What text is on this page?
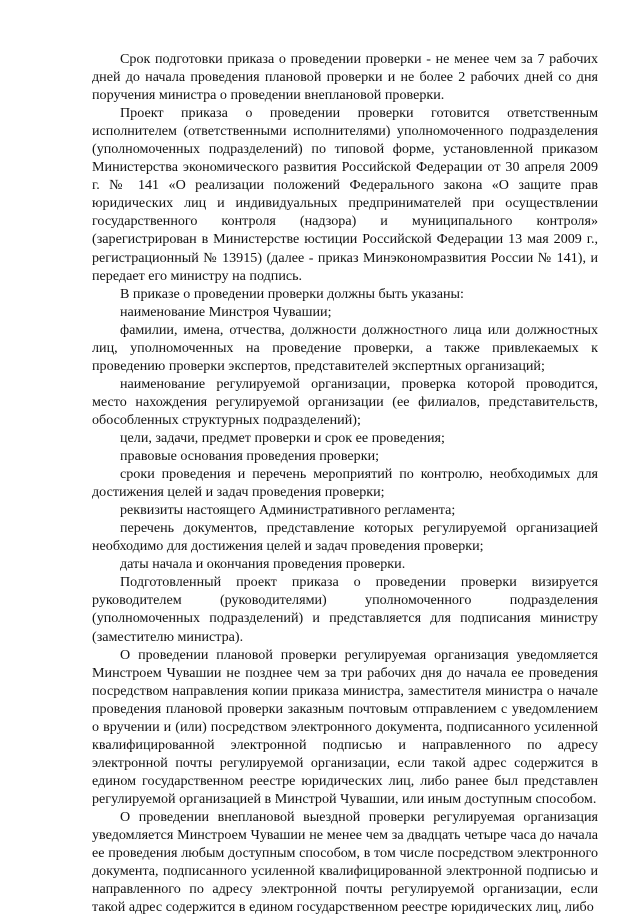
Срок подготовки приказа о проведении проверки - не менее чем за 7 рабочих дней до начала проведения плановой проверки и не более 2 рабочих дней со дня поручения министра о проведении внеплановой проверки.

Проект приказа о проведении проверки готовится ответственным исполнителем (ответственными исполнителями) уполномоченного подразделения (уполномоченных подразделений) по типовой форме, установленной приказом Министерства экономического развития Российской Федерации от 30 апреля 2009 г. № 141 «О реализации положений Федерального закона «О защите прав юридических лиц и индивидуальных предпринимателей при осуществлении государственного контроля (надзора) и муниципального контроля» (зарегистрирован в Министерстве юстиции Российской Федерации 13 мая 2009 г., регистрационный № 13915) (далее - приказ Минэкономразвития России № 141), и передает его министру на подпись.

В приказе о проведении проверки должны быть указаны:

наименование Минстроя Чувашии;

фамилии, имена, отчества, должности должностного лица или должностных лиц, уполномоченных на проведение проверки, а также привлекаемых к проведению проверки экспертов, представителей экспертных организаций;

наименование регулируемой организации, проверка которой проводится, место нахождения регулируемой организации (ее филиалов, представительств, обособленных структурных подразделений);

цели, задачи, предмет проверки и срок ее проведения;

правовые основания проведения проверки;

сроки проведения и перечень мероприятий по контролю, необходимых для достижения целей и задач проведения проверки;

реквизиты настоящего Административного регламента;

перечень документов, представление которых регулируемой организацией необходимо для достижения целей и задач проведения проверки;

даты начала и окончания проведения проверки.

Подготовленный проект приказа о проведении проверки визируется руководителем (руководителями) уполномоченного подразделения (уполномоченных подразделений) и представляется для подписания министру (заместителю министра).

О проведении плановой проверки регулируемая организация уведомляется Минстроем Чувашии не позднее чем за три рабочих дня до начала ее проведения посредством направления копии приказа министра, заместителя министра о начале проведения плановой проверки заказным почтовым отправлением с уведомлением о вручении и (или) посредством электронного документа, подписанного усиленной квалифицированной электронной подписью и направленного по адресу электронной почты регулируемой организации, если такой адрес содержится в едином государственном реестре юридических лиц, либо ранее был представлен регулируемой организацией в Минстрой Чувашии, или иным доступным способом.

О проведении внеплановой выездной проверки регулируемая организация уведомляется Минстроем Чувашии не менее чем за двадцать четыре часа до начала ее проведения любым доступным способом, в том числе посредством электронного документа, подписанного усиленной квалифицированной электронной подписью и направленного по адресу электронной почты регулируемой организации, если такой адрес содержится в едином государственном реестре юридических лиц, либо
